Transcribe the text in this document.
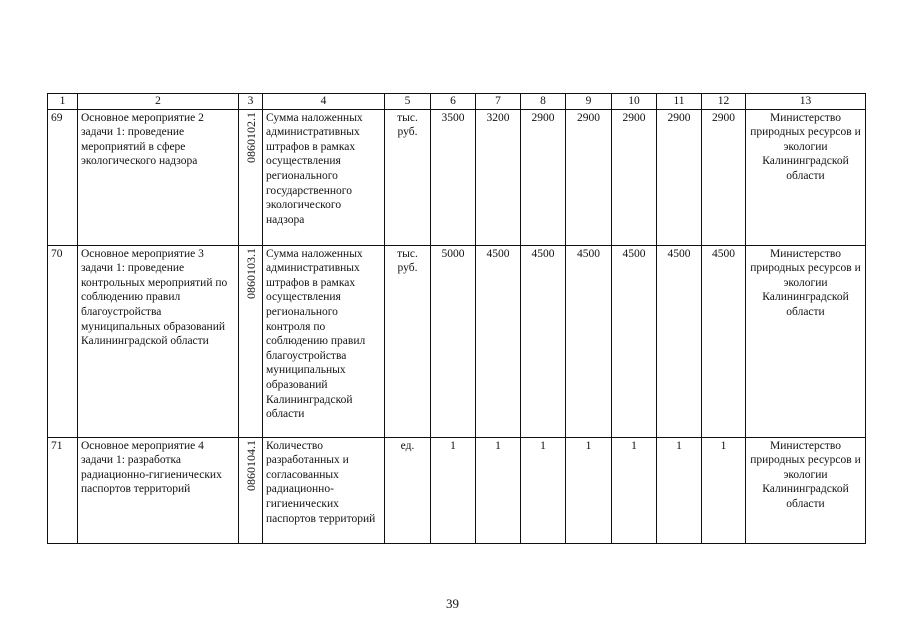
1	2	3	4	5	6	7	8	9	10	11	12	13
69	Основное мероприятие 2 задачи 1: проведение мероприятий в сфере экологического надзора	0860102.1	Сумма наложенных административных штрафов в рамках осуществления регионального государственного экологического надзора	тыс. руб.	3500	3200	2900	2900	2900	2900	2900	Министерство природных ресурсов и экологии Калининградской области
70	Основное мероприятие 3 задачи 1: проведение контрольных мероприятий по соблюдению правил благоустройства муниципальных образований Калининградской области	0860103.1	Сумма наложенных административных штрафов в рамках осуществления регионального контроля по соблюдению правил благоустройства муниципальных образований Калининградской области	тыс. руб.	5000	4500	4500	4500	4500	4500	4500	Министерство природных ресурсов и экологии Калининградской области
71	Основное мероприятие 4 задачи 1: разработка радиационно-гигиенических паспортов территорий	0860104.1	Количество разработанных и согласованных радиационно-гигиенических паспортов территорий	ед.	1	1	1	1	1	1	1	Министерство природных ресурсов и экологии Калининградской области
39
